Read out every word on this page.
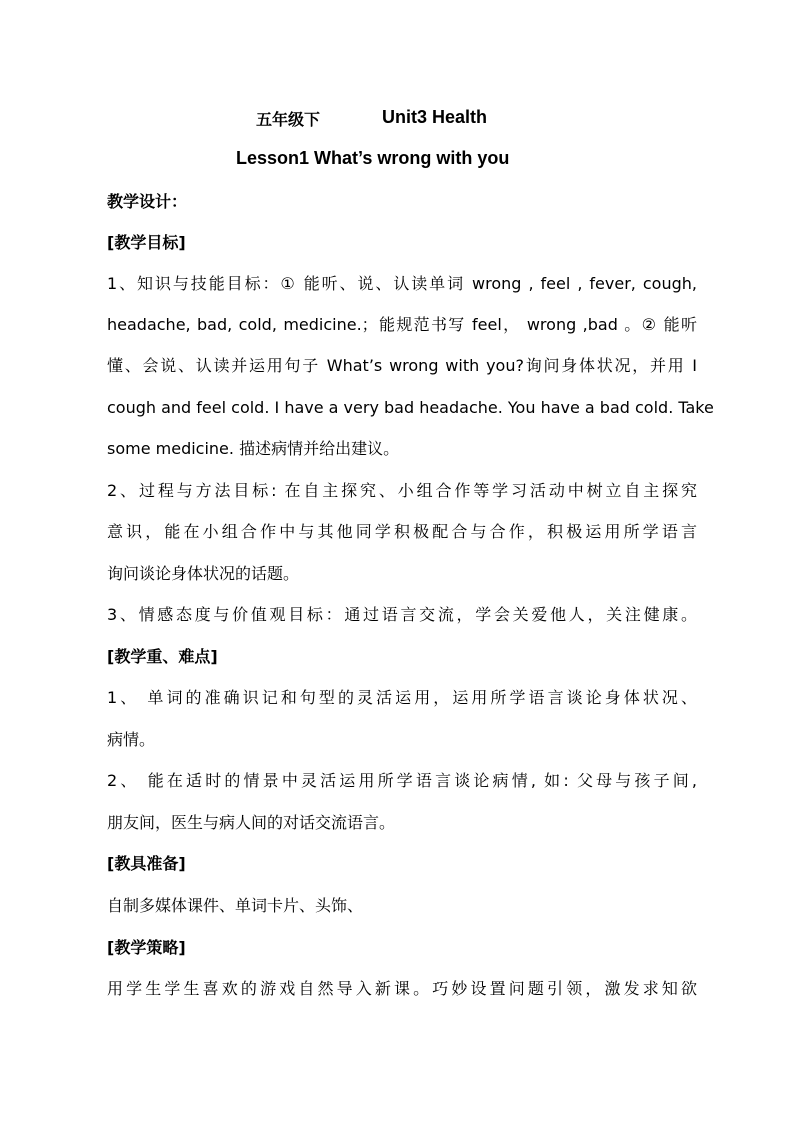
五年级下	Unit3 Health
Lesson1 What’s wrong with you
教学设计：
[教学目标]
1、知识与技能目标：① 能听、说、认读单词 wrong , feel , fever, cough,
headache, bad, cold, medicine.；能规范书写 feel， wrong ,bad 。② 能听
懂、会说、认读并运用句子 What’s wrong with you?询问身体状况，并用 I
cough and feel cold. I have a very bad headache. You have a bad cold. Take
some medicine. 描述病情并给出建议。
2、过程与方法目标: 在自主探究、小组合作等学习活动中树立自主探究
意识，能在小组合作中与其他同学积极配合与合作，积极运用所学语言
询问谈论身体状况的话题。
3、情感态度与价值观目标：通过语言交流，学会关爱他人，关注健康。
[教学重、难点]
1、 单词的准确识记和句型的灵活运用，运用所学语言谈论身体状况、
病情。
2、 能在适时的情景中灵活运用所学语言谈论病情, 如: 父母与孩子间,
朋友间，医生与病人间的对话交流语言。
[教具准备]
自制多媒体课件、单词卡片、头饰、
[教学策略]
用学生学生喜欢的游戏自然导入新课。巧妙设置问题引领，激发求知欲
